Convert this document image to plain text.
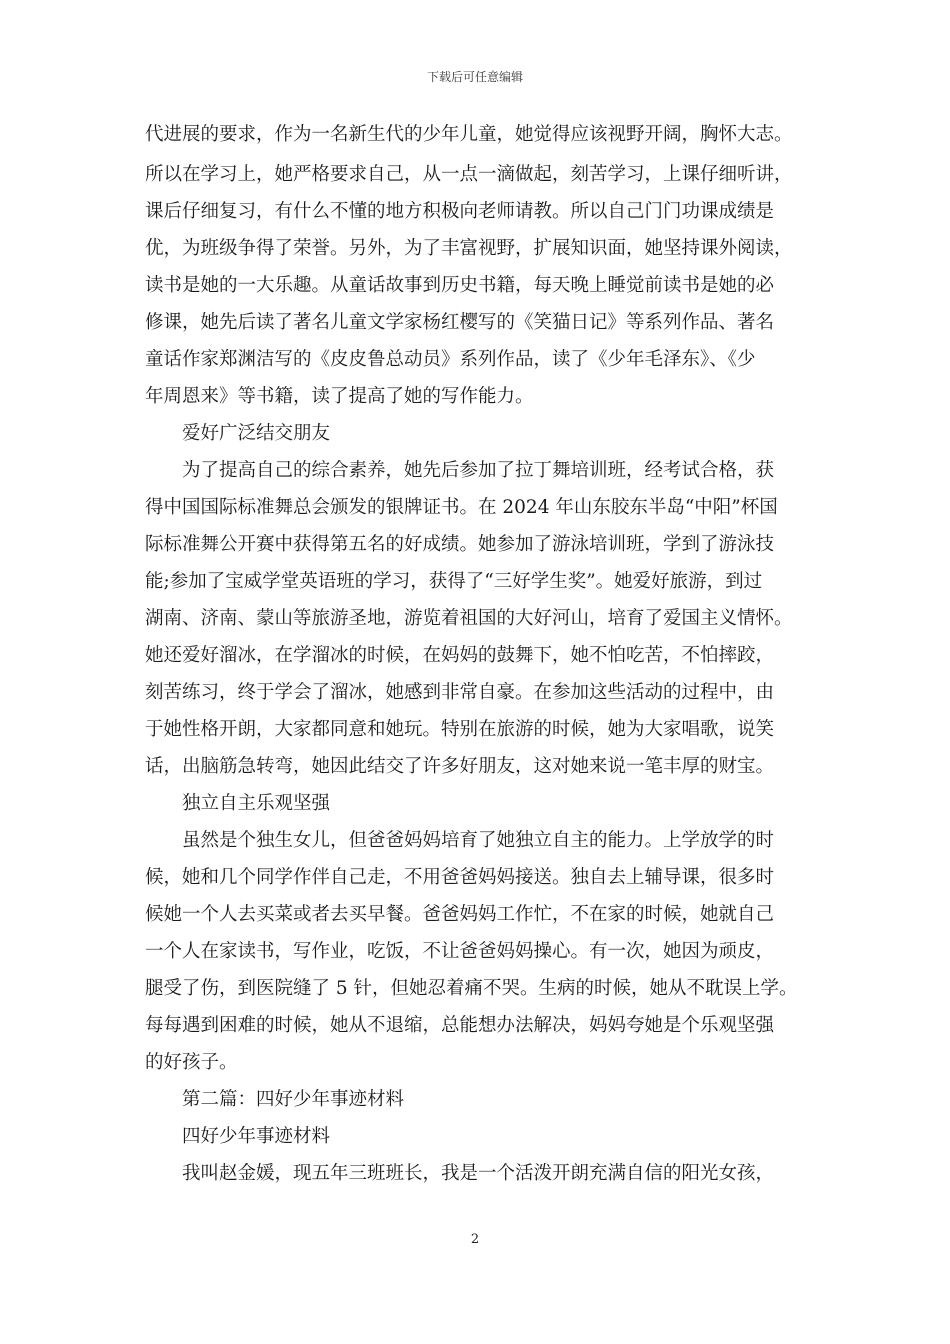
下载后可任意编辑
代进展的要求，作为一名新生代的少年儿童，她觉得应该视野开阔，胸怀大志。
所以在学习上，她严格要求自己，从一点一滴做起，刻苦学习，上课仔细听讲，
课后仔细复习，有什么不懂的地方积极向老师请教。所以自己门门功课成绩是
优，为班级争得了荣誉。另外，为了丰富视野，扩展知识面，她坚持课外阅读，
读书是她的一大乐趣。从童话故事到历史书籍，每天晚上睡觉前读书是她的必
修课，她先后读了著名儿童文学家杨红樱写的《笑猫日记》等系列作品、著名
童话作家郑渊洁写的《皮皮鲁总动员》系列作品，读了《少年毛泽东》、《少
年周恩来》等书籍，读了提高了她的写作能力。
　　爱好广泛结交朋友
　　为了提高自己的综合素养，她先后参加了拉丁舞培训班，经考试合格，获
得中国国际标准舞总会颁发的银牌证书。在 2024 年山东胶东半岛“中阳”杯国
际标准舞公开赛中获得第五名的好成绩。她参加了游泳培训班，学到了游泳技
能;参加了宝威学堂英语班的学习，获得了“三好学生奖”。她爱好旅游，到过
湖南、济南、蒙山等旅游圣地，游览着祖国的大好河山，培育了爱国主义情怀。
她还爱好溜冰，在学溜冰的时候，在妈妈的鼓舞下，她不怕吃苦，不怕摔跤，
刻苦练习，终于学会了溜冰，她感到非常自豪。在参加这些活动的过程中，由
于她性格开朗，大家都同意和她玩。特别在旅游的时候，她为大家唱歌，说笑
话，出脑筋急转弯，她因此结交了许多好朋友，这对她来说一笔丰厚的财宝。
　　独立自主乐观坚强
　　虽然是个独生女儿，但爸爸妈妈培育了她独立自主的能力。上学放学的时
候，她和几个同学作伴自己走，不用爸爸妈妈接送。独自去上辅导课，很多时
候她一个人去买菜或者去买早餐。爸爸妈妈工作忙，不在家的时候，她就自己
一个人在家读书，写作业，吃饭，不让爸爸妈妈操心。有一次，她因为顽皮，
腿受了伤，到医院缝了 5 针，但她忍着痛不哭。生病的时候，她从不耽误上学。
每每遇到困难的时候，她从不退缩，总能想办法解决，妈妈夸她是个乐观坚强
的好孩子。
　　第二篇：四好少年事迹材料
　　四好少年事迹材料
　　我叫赵金媛，现五年三班班长，我是一个活泼开朗充满自信的阳光女孩，
2
